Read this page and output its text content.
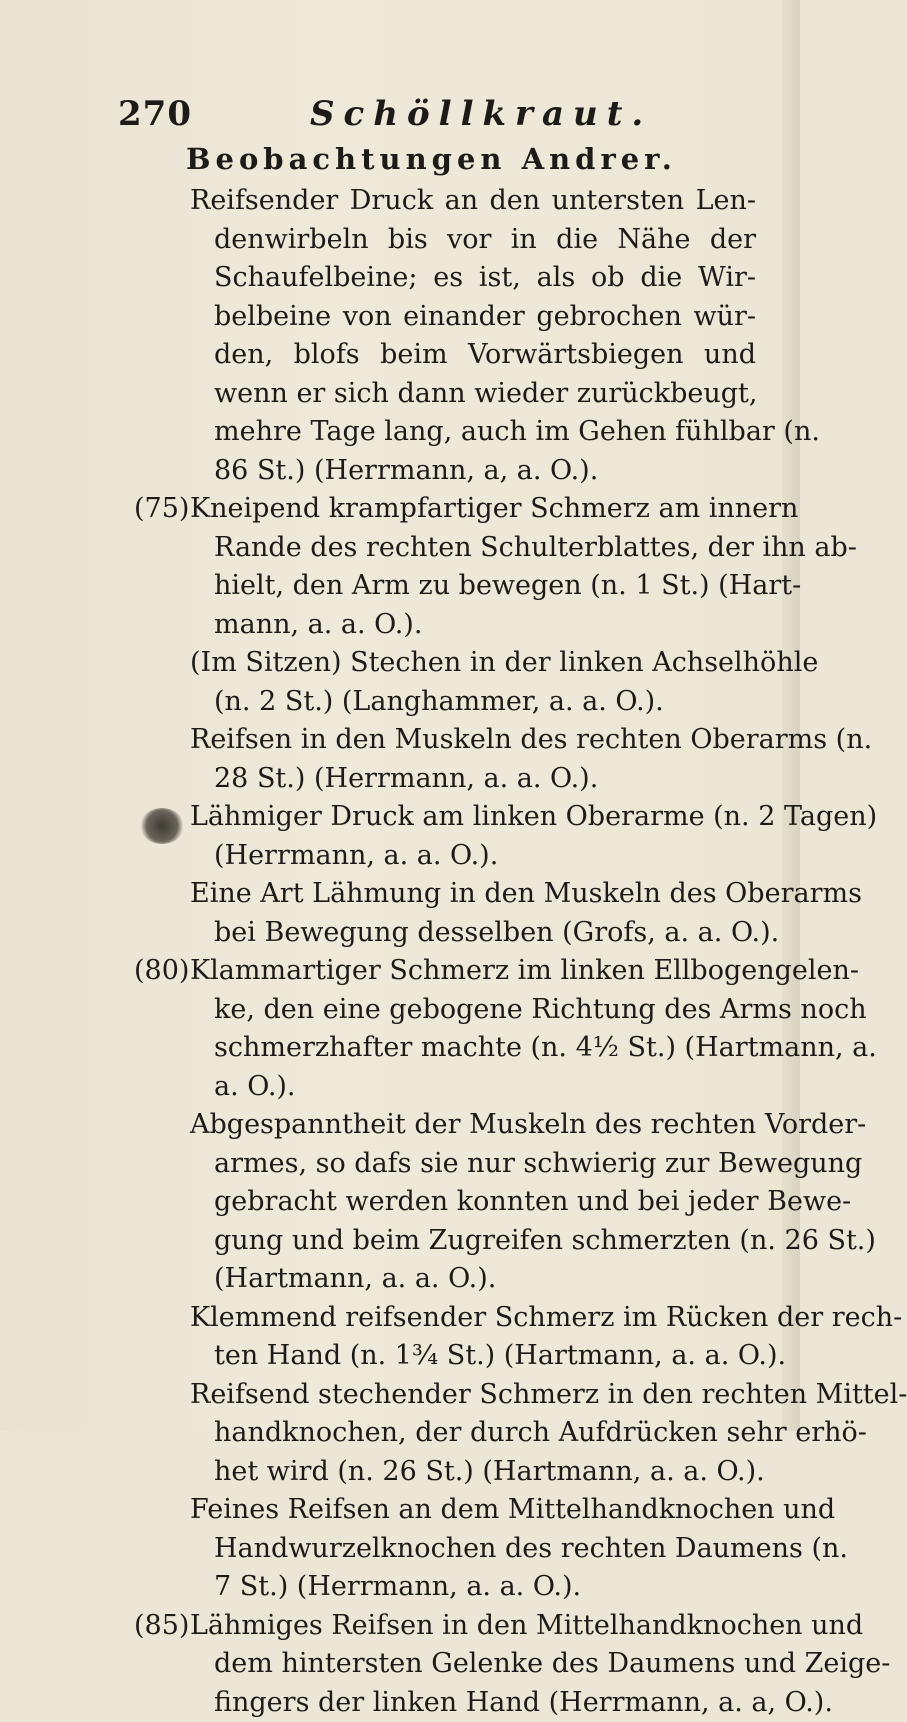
270	Schöllkraut.
Beobachtungen Andrer.
Reifsender Druck an den untersten Len-
denwirbeln bis vor in die Nähe der
Schaufelbeine; es ist, als ob die Wir-
belbeine von einander gebrochen wür-
den, blofs beim Vorwärtsbiegen und
wenn er sich dann wieder zurückbeugt,
mehre Tage lang, auch im Gehen fühlbar (n.
86 St.) (Herrmann, a, a. O.).
(75) Kneipend krampfartiger Schmerz am innern
Rande des rechten Schulterblattes, der ihn ab-
hielt, den Arm zu bewegen (n. 1 St.) (Hart-
mann, a. a. O.).
(Im Sitzen) Stechen in der linken Achselhöhle
(n. 2 St.) (Langhammer, a. a. O.).
Reifsen in den Muskeln des rechten Oberarms (n.
28 St.) (Herrmann, a. a. O.).
Lähmiger Druck am linken Oberarme (n. 2 Tagen)
(Herrmann, a. a. O.).
Eine Art Lähmung in den Muskeln des Oberarms
bei Bewegung desselben (Grofs, a. a. O.).
(80) Klammartiger Schmerz im linken Ellbogengelen-
ke, den eine gebogene Richtung des Arms noch
schmerzhafter machte (n. 4½ St.) (Hartmann, a.
a. O.).
Abgespanntheit der Muskeln des rechten Vorder-
armes, so dafs sie nur schwierig zur Bewegung
gebracht werden konnten und bei jeder Bewe-
gung und beim Zugreifen schmerzten (n. 26 St.)
(Hartmann, a. a. O.).
Klemmend reifsender Schmerz im Rücken der rech-
ten Hand (n. 1¾ St.) (Hartmann, a. a. O.).
Reifsend stechender Schmerz in den rechten Mittel-
handknochen, der durch Aufdrücken sehr erhö-
het wird (n. 26 St.) (Hartmann, a. a. O.).
Feines Reifsen an dem Mittelhandknochen und
Handwurzelknochen des rechten Daumens (n.
7 St.) (Herrmann, a. a. O.).
(85) Lähmiges Reifsen in den Mittelhandknochen und
dem hintersten Gelenke des Daumens und Zeige-
fingers der linken Hand (Herrmann, a. a, O.).
